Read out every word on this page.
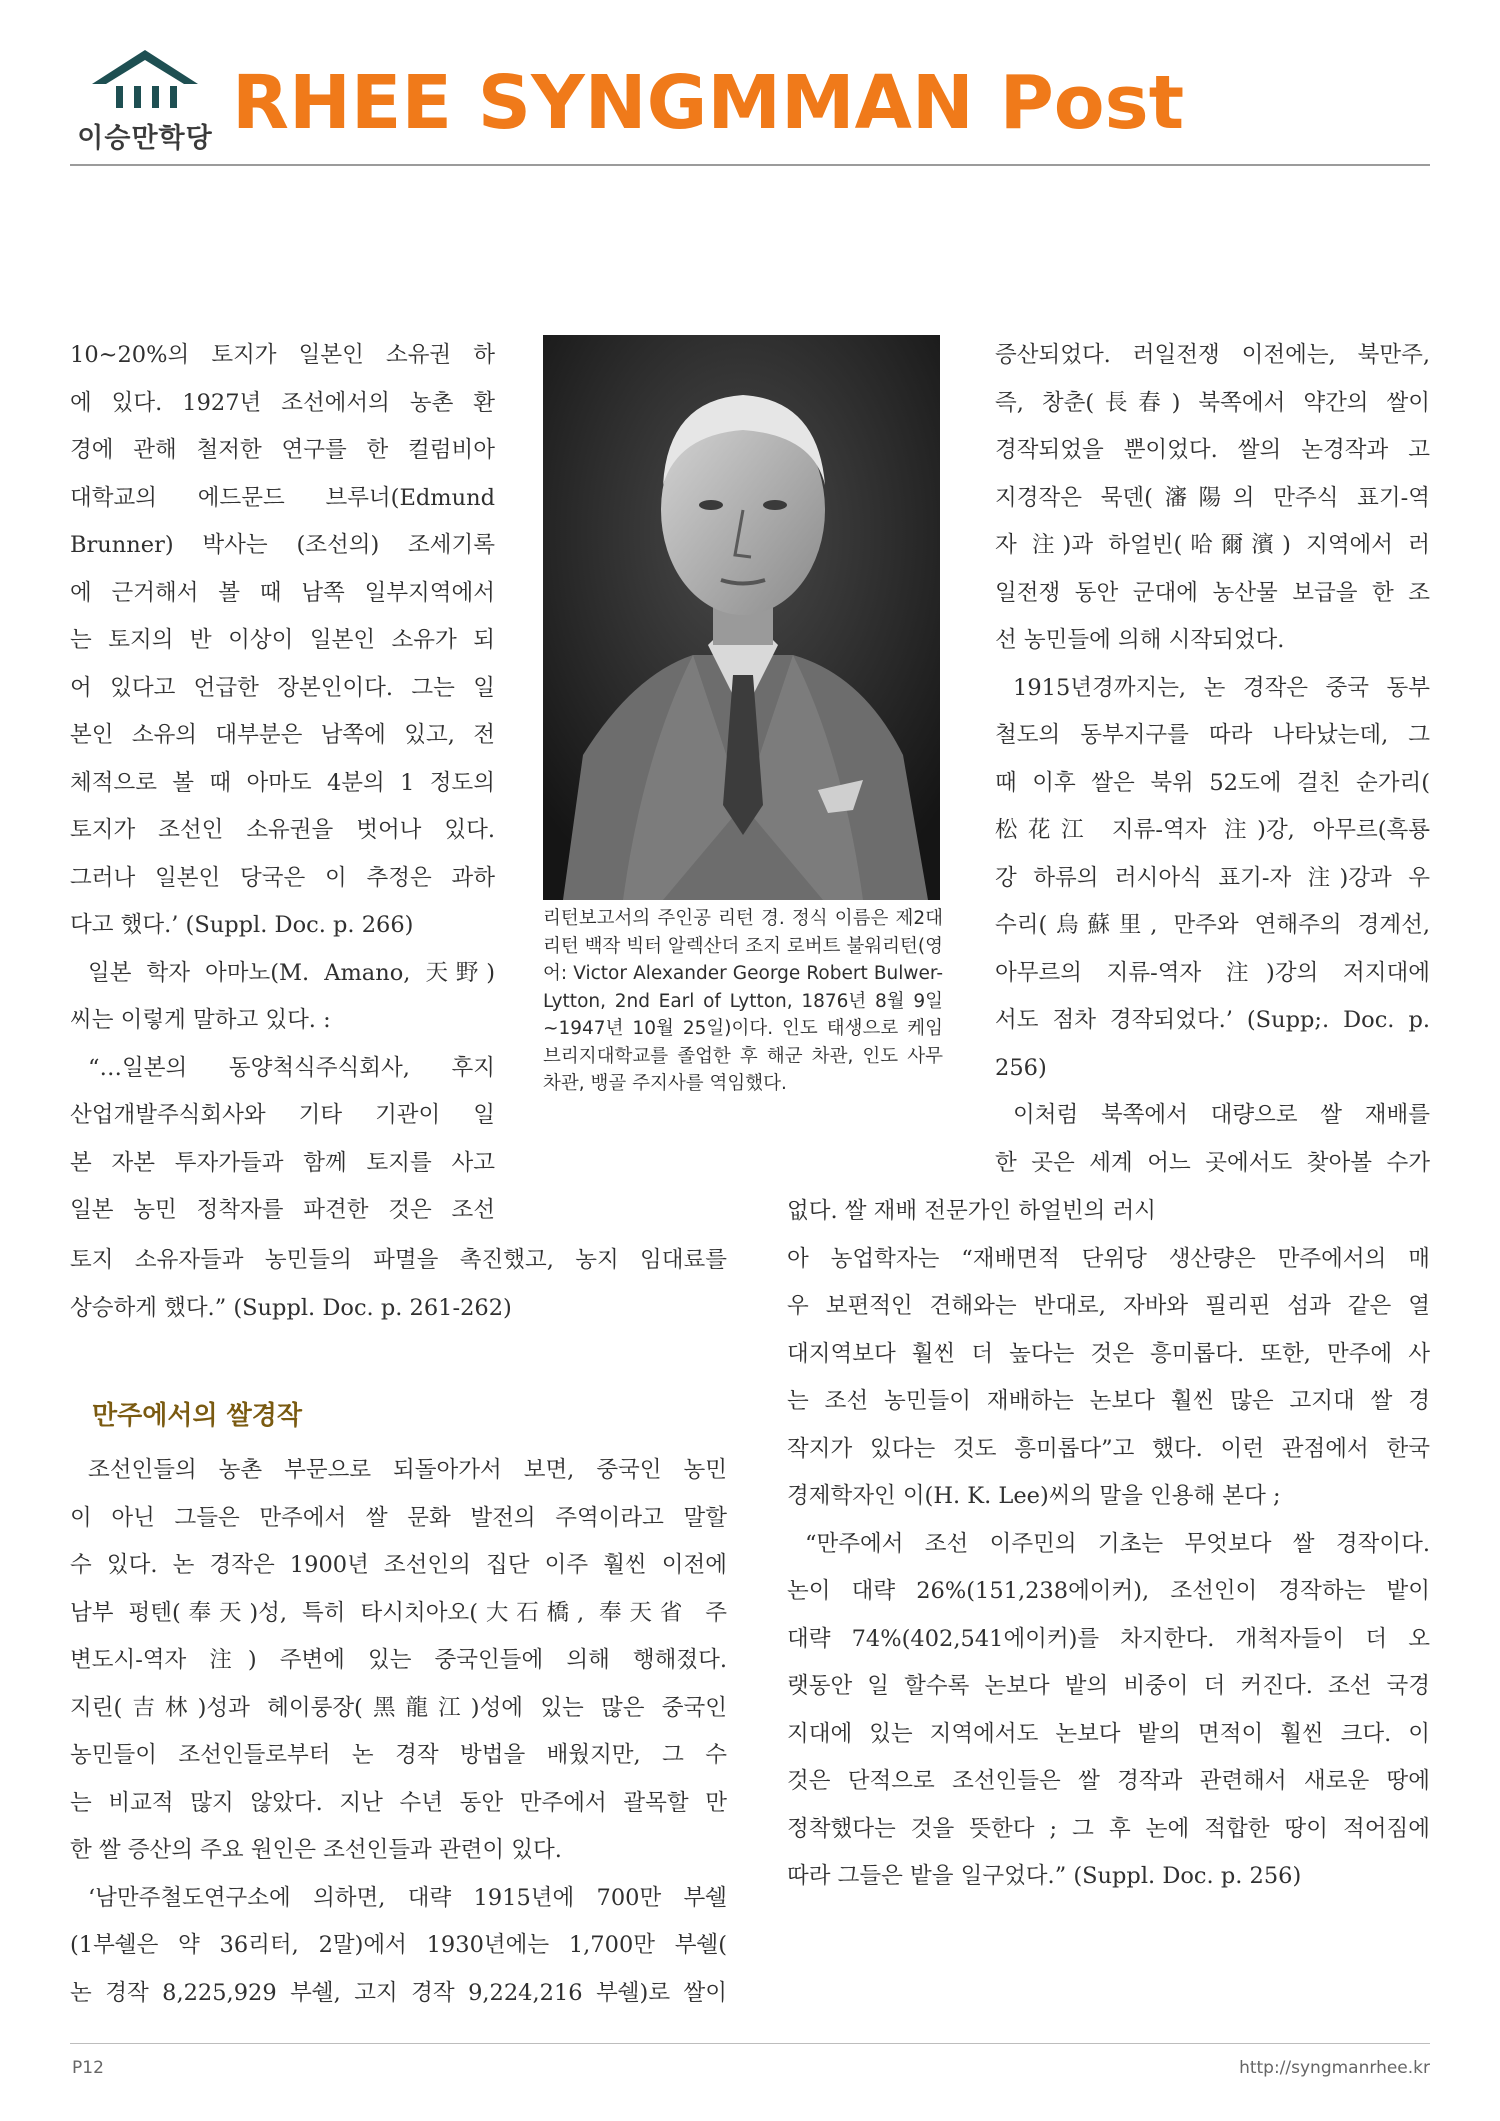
이승만학당 RHEE SYNGMMAN Post

10~20%의 토지가 일본인 소유권 하

에 있다. 1927년 조선에서의 농촌 환

경에 관해 철저한 연구를 한 컬럼비아

대학교의 에드문드 브루너(Edmund

Brunner) 박사는 (조선의) 조세기록

에 근거해서 볼 때 남쪽 일부지역에서

는 토지의 반 이상이 일본인 소유가 되

어 있다고 언급한 장본인이다. 그는 일

본인 소유의 대부분은 남쪽에 있고, 전

체적으로 볼 때 아마도 4분의 1 정도의

토지가 조선인 소유권을 벗어나 있다.

그러나 일본인 당국은 이 추정은 과하

다고 했다.’ (Suppl. Doc. p. 266)

일본 학자 아마노(M. Amano, 天野)

씨는 이렇게 말하고 있다. :

“…일본의 동양척식주식회사, 후지

산업개발주식회사와 기타 기관이 일

본 자본 투자가들과 함께 토지를 사고

일본 농민 정착자를 파견한 것은 조선

토지 소유자들과 농민들의 파멸을 촉진했고, 농지 임대료를

상승하게 했다.” (Suppl. Doc. p. 261-262)

만주에서의 쌀경작

조선인들의 농촌 부문으로 되돌아가서 보면, 중국인 농민

이 아닌 그들은 만주에서 쌀 문화 발전의 주역이라고 말할

수 있다. 논 경작은 1900년 조선인의 집단 이주 훨씬 이전에

남부 펑텐(奉天)성, 특히 타시치아오(大石橋, 奉天省 주

변도시-역자 注) 주변에 있는 중국인들에 의해 행해졌다.

지린(吉林)성과 헤이룽장(黑龍江)성에 있는 많은 중국인

농민들이 조선인들로부터 논 경작 방법을 배웠지만, 그 수

는 비교적 많지 않았다. 지난 수년 동안 만주에서 괄목할 만

한 쌀 증산의 주요 원인은 조선인들과 관련이 있다.

‘남만주철도연구소에 의하면, 대략 1915년에 700만 부쉘

(1부쉘은 약 36리터, 2말)에서 1930년에는 1,700만 부쉘(

논 경작 8,225,929 부쉘, 고지 경작 9,224,216 부쉘)로 쌀이

리턴보고서의 주인공 리턴 경. 정식 이름은 제2대 리턴 백작 빅터 알렉산더 조지 로버트 불워리턴(영어: Victor Alexander George Robert Bulwer-Lytton, 2nd Earl of Lytton, 1876년 8월 9일~1947년 10월 25일)이다. 인도 태생으로 케임브리지대학교를 졸업한 후 해군 차관, 인도 사무 차관, 뱅골 주지사를 역임했다.

증산되었다. 러일전쟁 이전에는, 북만주,

즉, 창춘(長春) 북쪽에서 약간의 쌀이

경작되었을 뿐이었다. 쌀의 논경작과 고

지경작은 묵덴(瀋陽의 만주식 표기-역

자 注)과 하얼빈(哈爾濱) 지역에서 러

일전쟁 동안 군대에 농산물 보급을 한 조

선 농민들에 의해 시작되었다.

1915년경까지는, 논 경작은 중국 동부

철도의 동부지구를 따라 나타났는데, 그

때 이후 쌀은 북위 52도에 걸친 순가리(

松花江 지류-역자 注)강, 아무르(흑룡

강 하류의 러시아식 표기-자 注)강과 우

수리(烏蘇里, 만주와 연해주의 경계선,

아무르의 지류-역자 注)강의 저지대에

서도 점차 경작되었다.’ (Supp;. Doc. p.

256)

이처럼 북쪽에서 대량으로 쌀 재배를

한 곳은 세계 어느 곳에서도 찾아볼 수가

없다. 쌀 재배 전문가인 하얼빈의 러시

아 농업학자는 “재배면적 단위당 생산량은 만주에서의 매

우 보편적인 견해와는 반대로, 자바와 필리핀 섬과 같은 열

대지역보다 훨씬 더 높다는 것은 흥미롭다. 또한, 만주에 사

는 조선 농민들이 재배하는 논보다 훨씬 많은 고지대 쌀 경

작지가 있다는 것도 흥미롭다”고 했다. 이런 관점에서 한국

경제학자인 이(H. K. Lee)씨의 말을 인용해 본다 ;

“만주에서 조선 이주민의 기초는 무엇보다 쌀 경작이다.

논이 대략 26%(151,238에이커), 조선인이 경작하는 밭이

대략 74%(402,541에이커)를 차지한다. 개척자들이 더 오

랫동안 일 할수록 논보다 밭의 비중이 더 커진다. 조선 국경

지대에 있는 지역에서도 논보다 밭의 면적이 훨씬 크다. 이

것은 단적으로 조선인들은 쌀 경작과 관련해서 새로운 땅에

정착했다는 것을 뜻한다 ; 그 후 논에 적합한 땅이 적어짐에

따라 그들은 밭을 일구었다.” (Suppl. Doc. p. 256)

P12	http://syngmanrhee.kr
